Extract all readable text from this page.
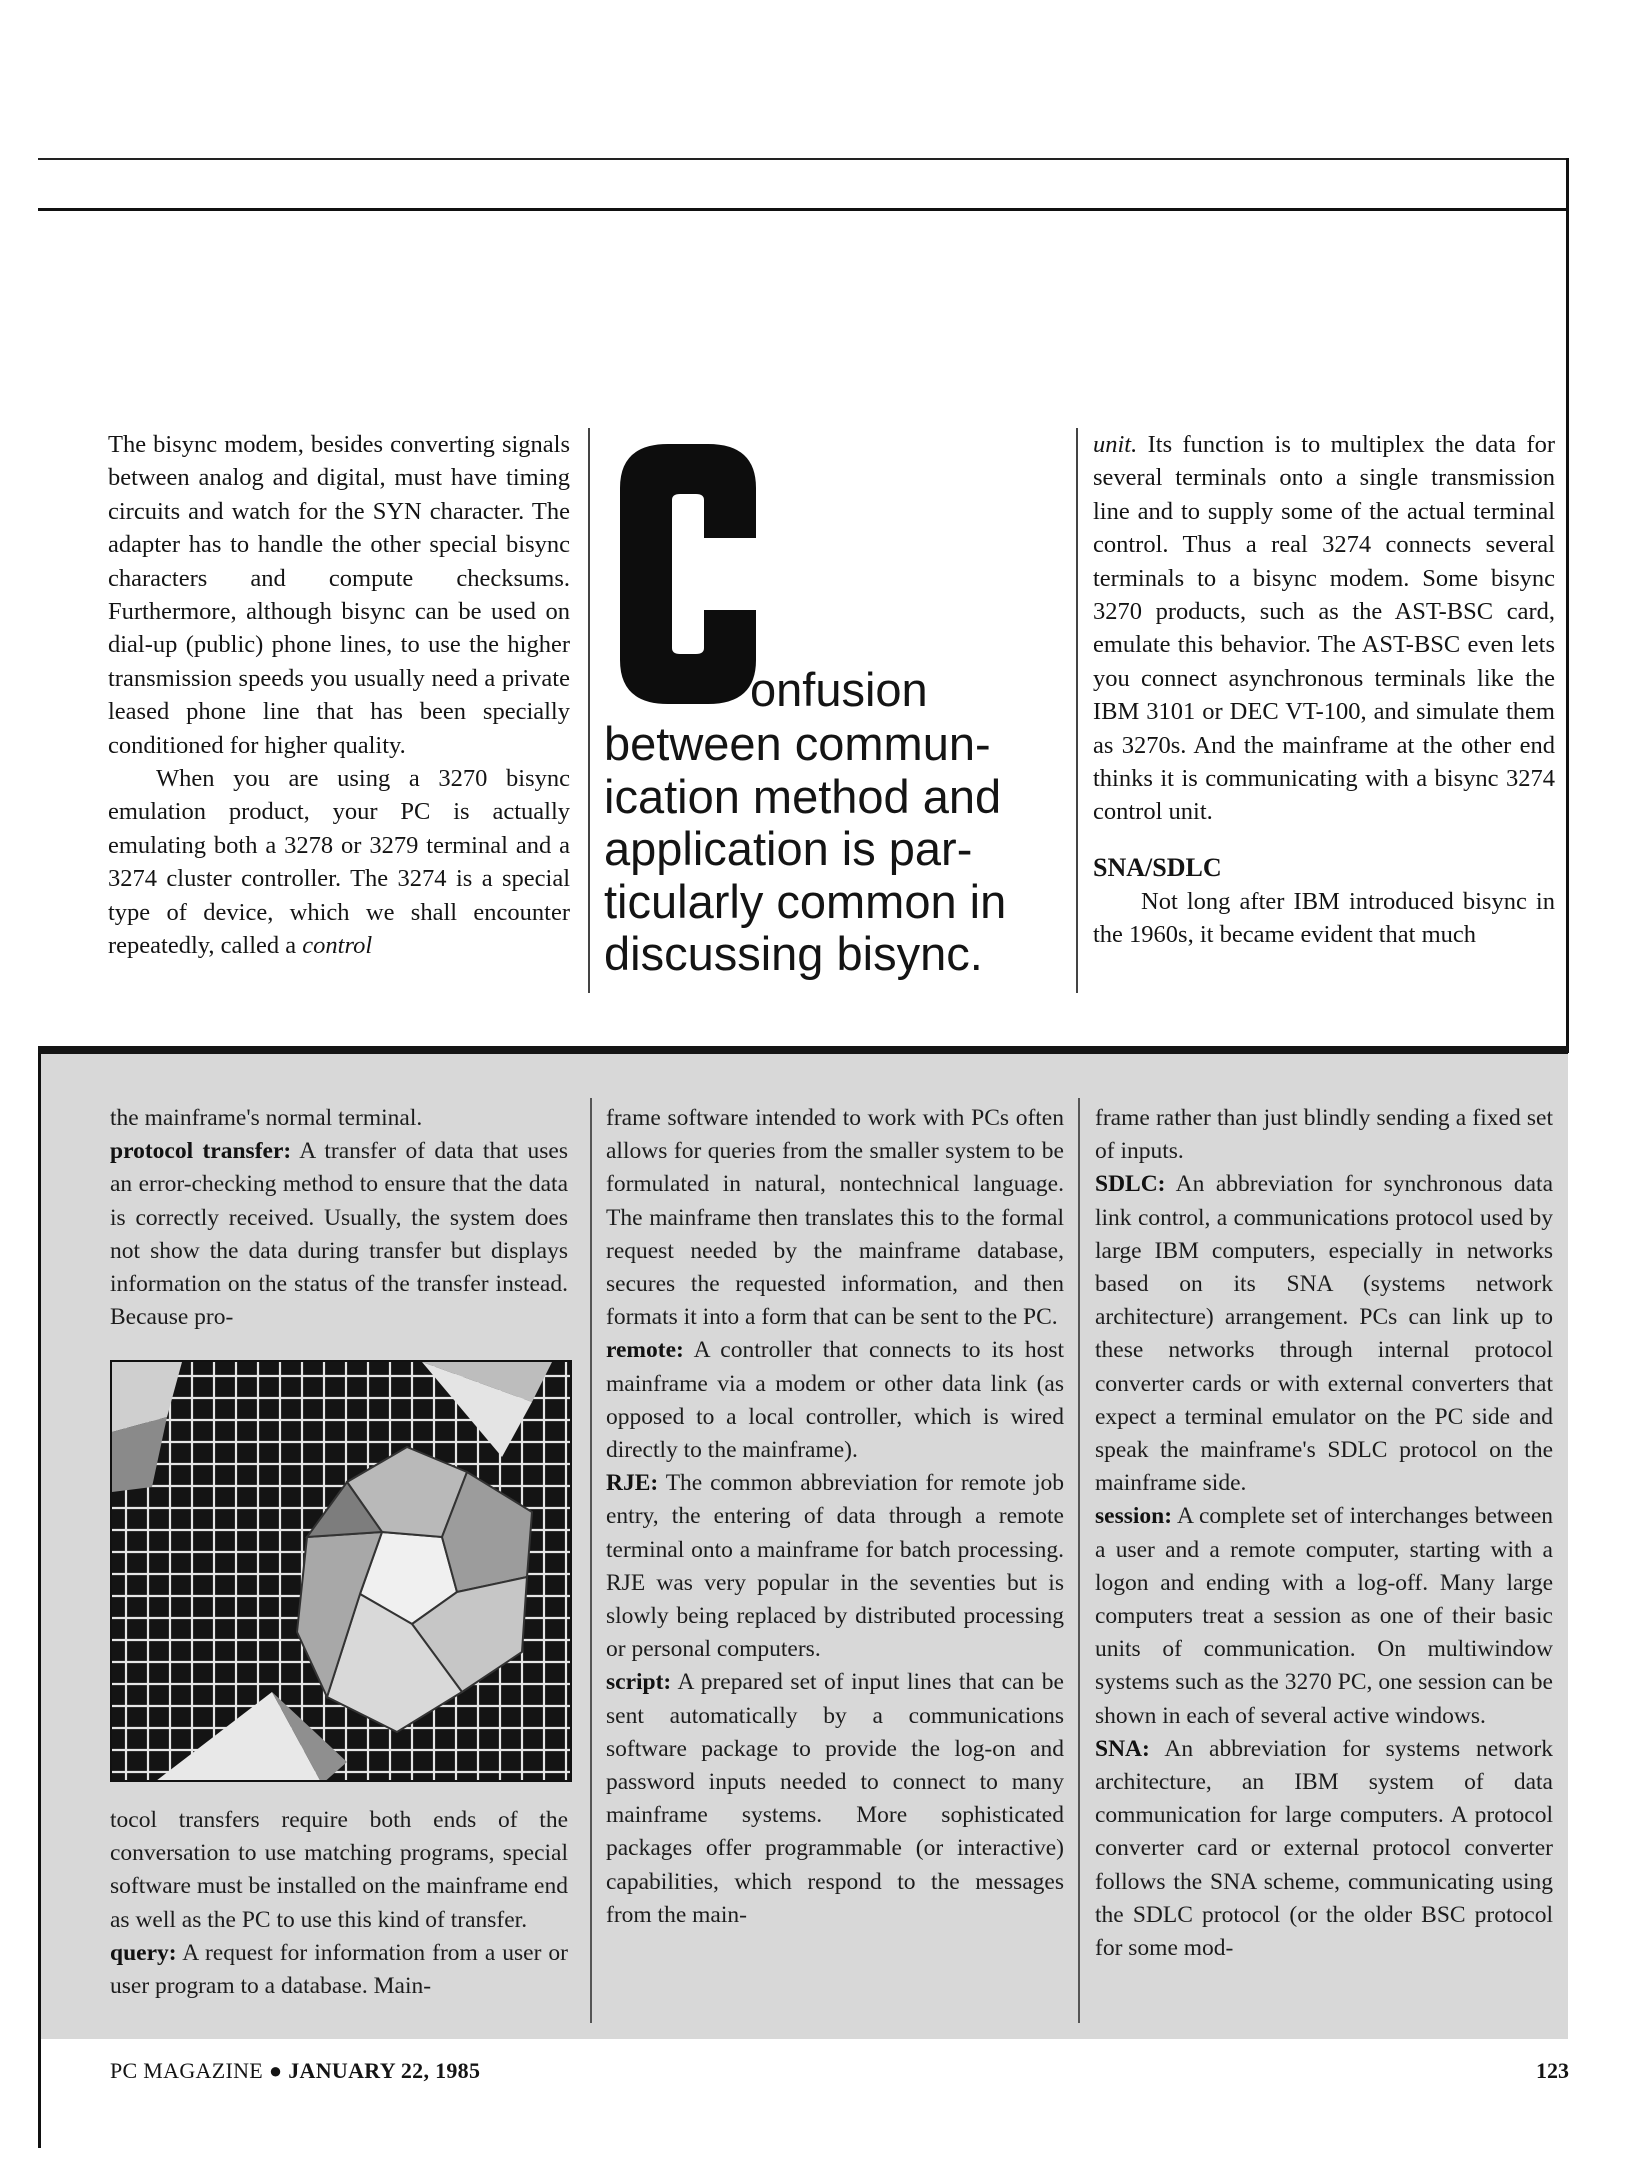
The bisync modem, besides converting signals between analog and digital, must have timing circuits and watch for the SYN character. The adapter has to handle the other special bisync characters and compute checksums. Furthermore, although bisync can be used on dial-up (public) phone lines, to use the higher transmission speeds you usually need a private leased phone line that has been specially conditioned for higher quality.

When you are using a 3270 bisync emulation product, your PC is actually emulating both a 3278 or 3279 terminal and a 3274 cluster controller. The 3274 is a special type of device, which we shall encounter repeatedly, called a control

onfusion
between commun-
ication method and
application is par-
ticularly common in
discussing bisync.

unit. Its function is to multiplex the data for several terminals onto a single transmission line and to supply some of the actual terminal control. Thus a real 3274 connects several terminals to a bisync modem. Some bisync 3270 products, such as the AST-BSC card, emulate this behavior. The AST-BSC even lets you connect asynchronous terminals like the IBM 3101 or DEC VT-100, and simulate them as 3270s. And the mainframe at the other end thinks it is communicating with a bisync 3274 control unit.

SNA/SDLC

Not long after IBM introduced bisync in the 1960s, it became evident that much

the mainframe's normal terminal.

protocol transfer: A transfer of data that uses an error-checking method to ensure that the data is correctly received. Usually, the system does not show the data during transfer but displays information on the status of the transfer instead. Because pro-

tocol transfers require both ends of the conversation to use matching programs, special software must be installed on the mainframe end as well as the PC to use this kind of transfer.

query: A request for information from a user or user program to a database. Main-

frame software intended to work with PCs often allows for queries from the smaller system to be formulated in natural, nontechnical language. The mainframe then translates this to the formal request needed by the mainframe database, secures the requested information, and then formats it into a form that can be sent to the PC.

remote: A controller that connects to its host mainframe via a modem or other data link (as opposed to a local controller, which is wired directly to the mainframe).

RJE: The common abbreviation for remote job entry, the entering of data through a remote terminal onto a mainframe for batch processing. RJE was very popular in the seventies but is slowly being replaced by distributed processing or personal computers.

script: A prepared set of input lines that can be sent automatically by a communications software package to provide the log-on and password inputs needed to connect to many mainframe systems. More sophisticated packages offer programmable (or interactive) capabilities, which respond to the messages from the main-

frame rather than just blindly sending a fixed set of inputs.

SDLC: An abbreviation for synchronous data link control, a communications protocol used by large IBM computers, especially in networks based on its SNA (systems network architecture) arrangement. PCs can link up to these networks through internal protocol converter cards or with external converters that expect a terminal emulator on the PC side and speak the mainframe's SDLC protocol on the mainframe side.

session: A complete set of interchanges between a user and a remote computer, starting with a logon and ending with a log-off. Many large computers treat a session as one of their basic units of communication. On multiwindow systems such as the 3270 PC, one session can be shown in each of several active windows.

SNA: An abbreviation for systems network architecture, an IBM system of data communication for large computers. A protocol converter card or external protocol converter follows the SNA scheme, communicating using the SDLC protocol (or the older BSC protocol for some mod-

PC MAGAZINE ● JANUARY 22, 1985	123
